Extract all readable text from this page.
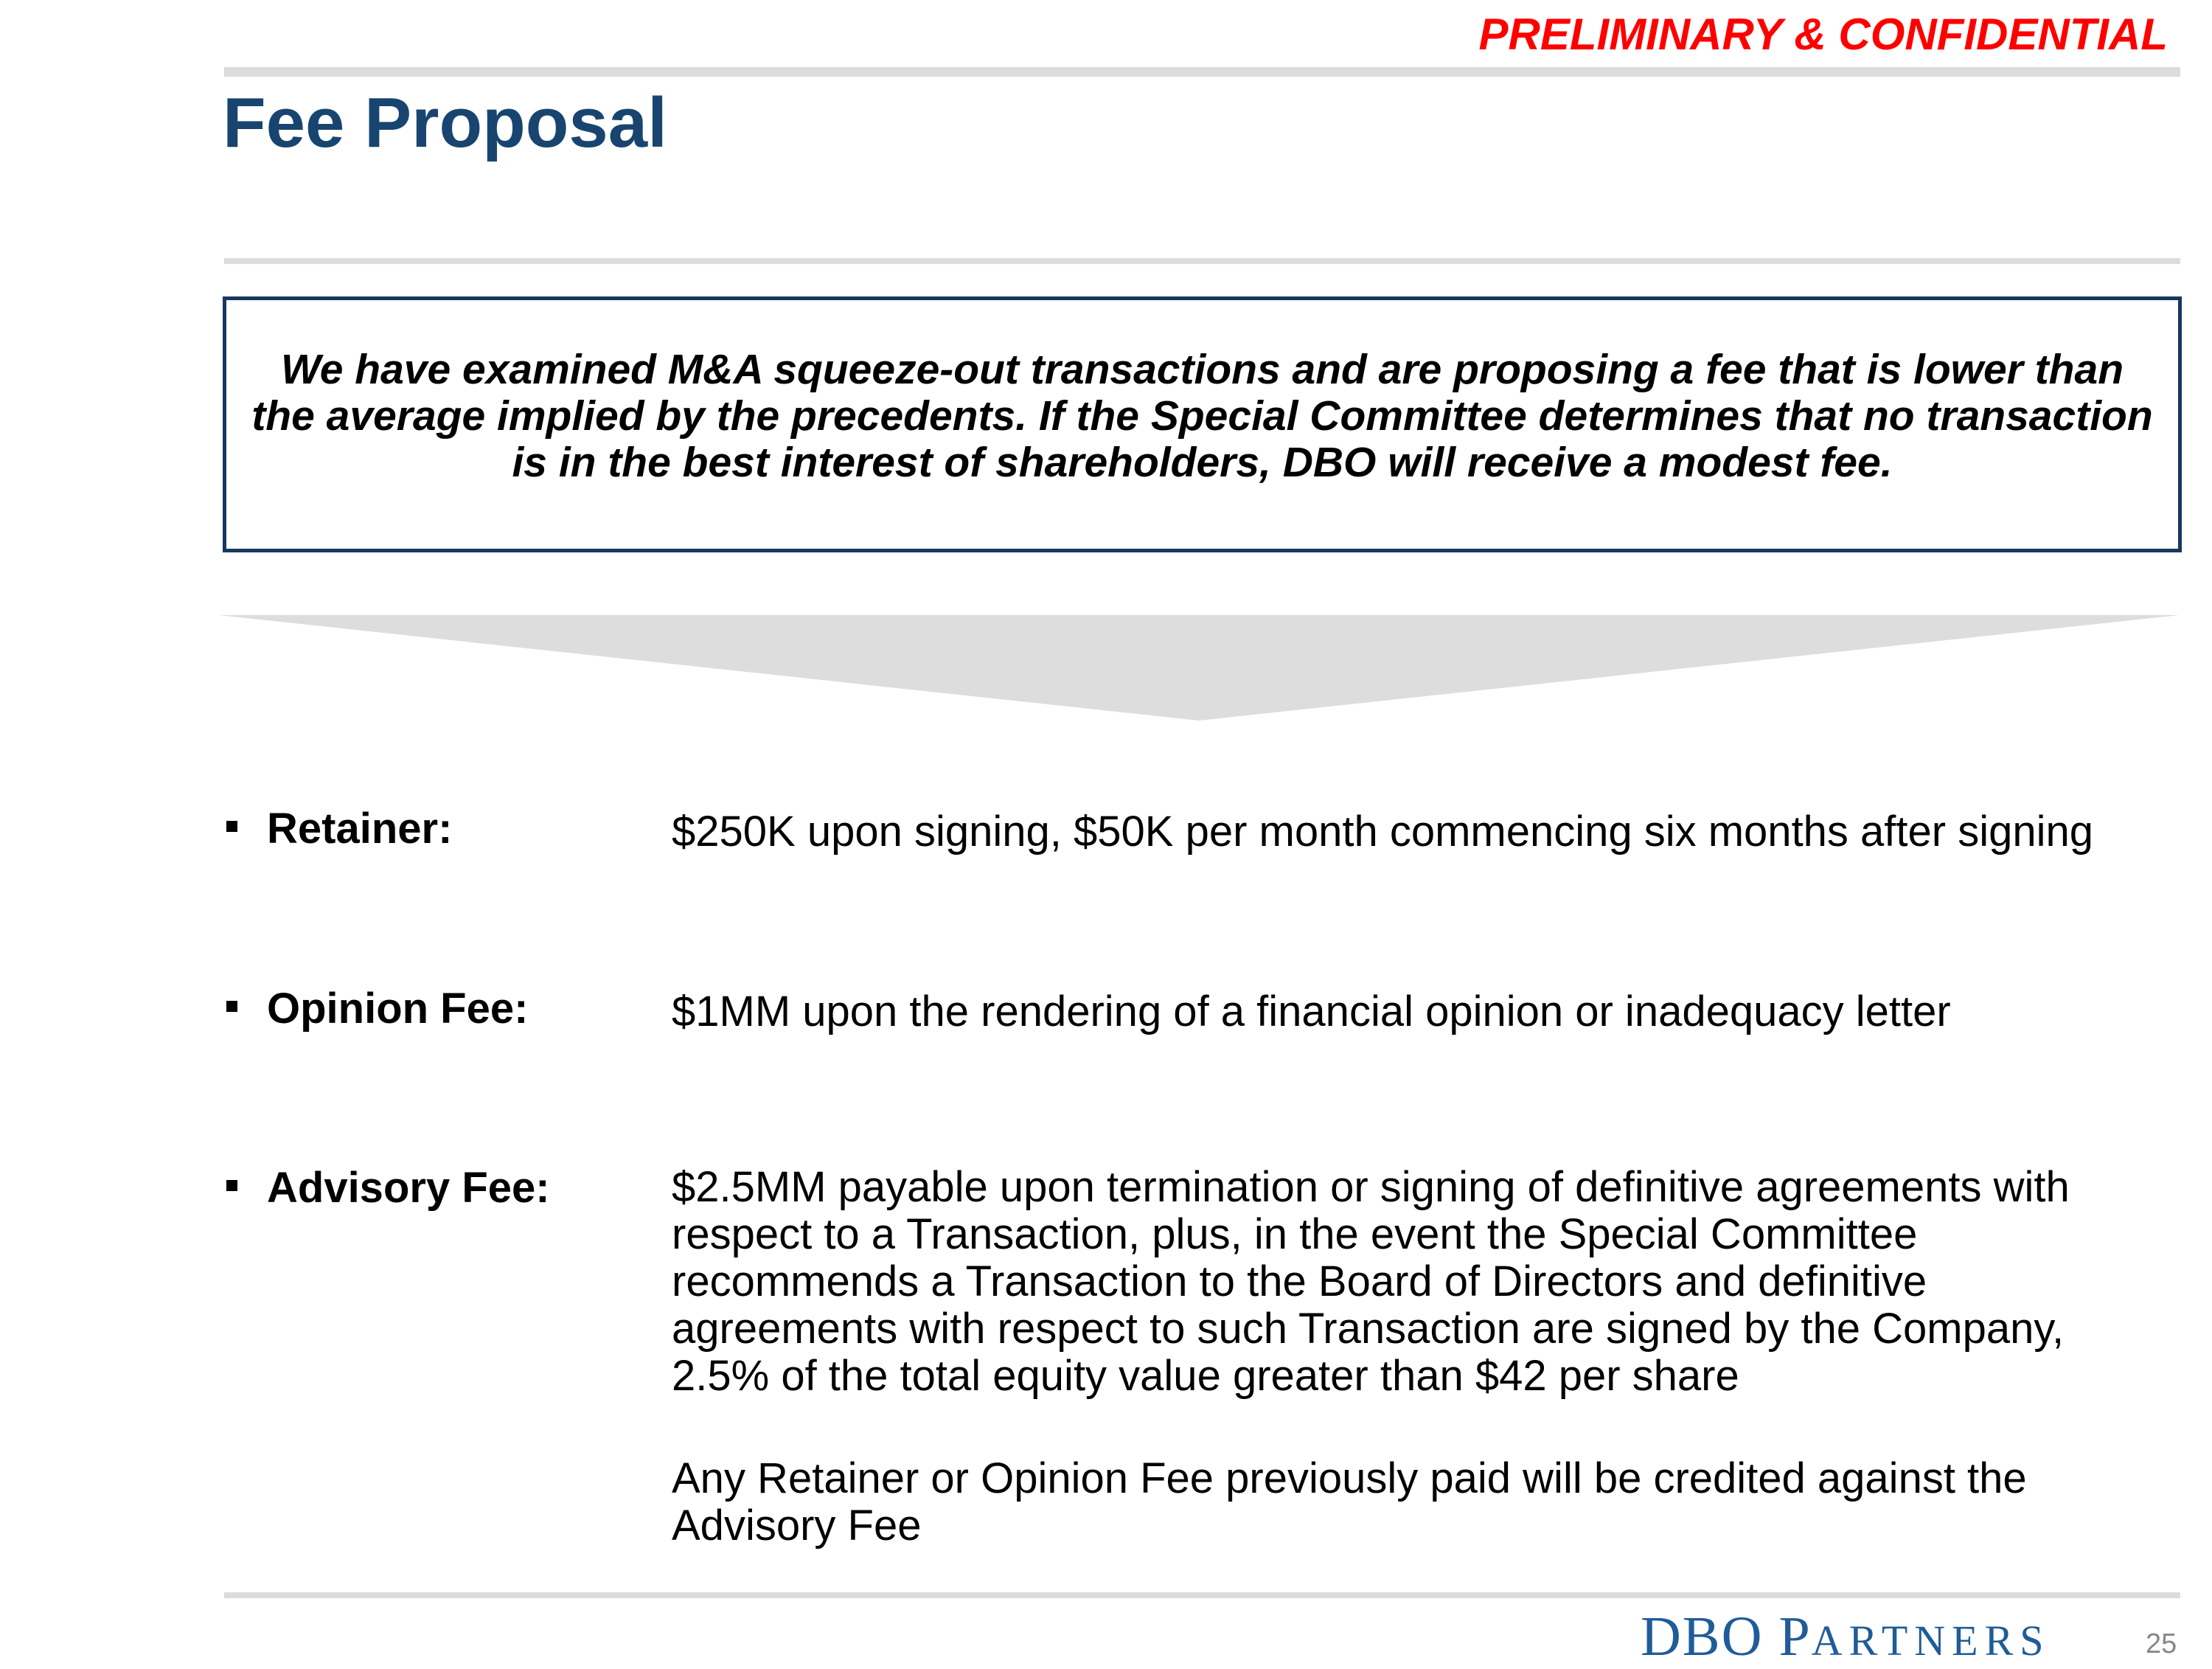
PRELIMINARY & CONFIDENTIAL
Fee Proposal

We have examined M&A squeeze-out transactions and are proposing a fee that is lower than the average implied by the precedents. If the Special Committee determines that no transaction is in the best interest of shareholders, DBO will receive a modest fee.

Retainer:	$250K upon signing, $50K per month commencing six months after signing
Opinion Fee:	$1MM upon the rendering of a financial opinion or inadequacy letter
Advisory Fee:	$2.5MM payable upon termination or signing of definitive agreements with respect to a Transaction, plus, in the event the Special Committee recommends a Transaction to the Board of Directors and definitive agreements with respect to such Transaction are signed by the Company, 2.5% of the total equity value greater than $42 per share
Any Retainer or Opinion Fee previously paid will be credited against the Advisory Fee
DBO PARTNERS	25
